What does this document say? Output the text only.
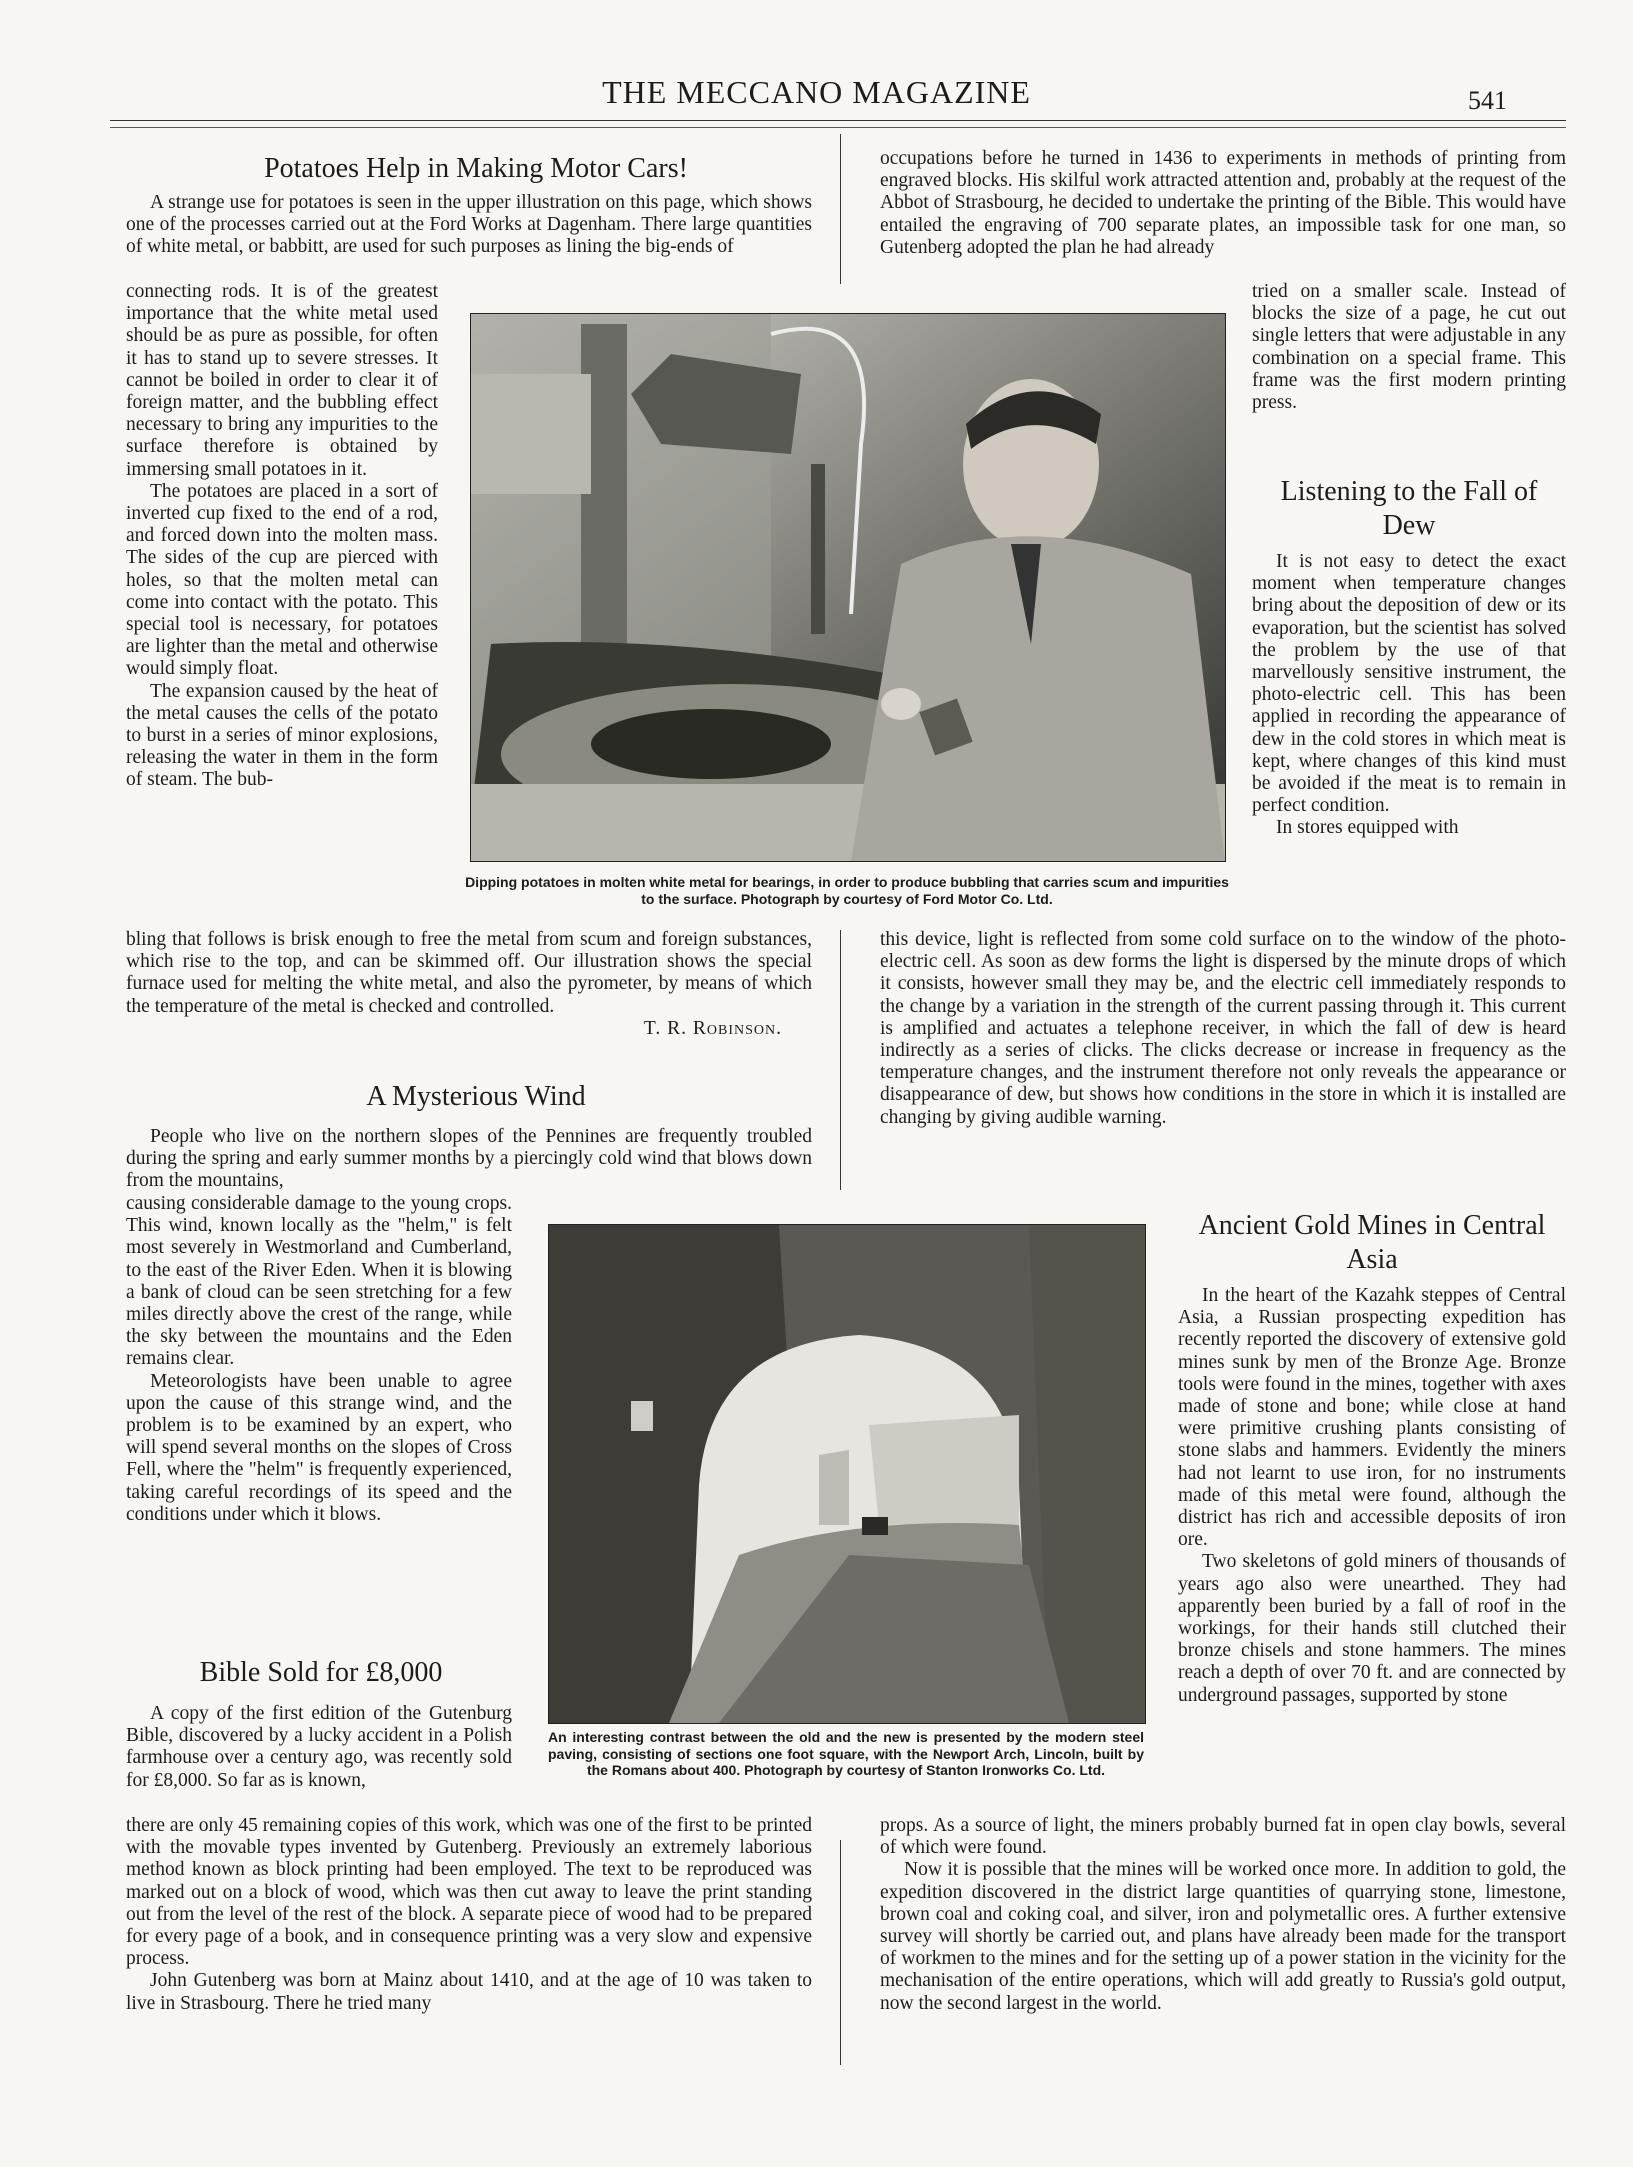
THE MECCANO MAGAZINE	541
Potatoes Help in Making Motor Cars!

A strange use for potatoes is seen in the upper illustration on this page, which shows one of the processes carried out at the Ford Works at Dagenham. There large quantities of white metal, or babbitt, are used for such purposes as lining the big-ends of

connecting rods. It is of the greatest importance that the white metal used should be as pure as possible, for often it has to stand up to severe stresses. It cannot be boiled in order to clear it of foreign matter, and the bubbling effect necessary to bring any impurities to the surface therefore is obtained by immersing small potatoes in it.

The potatoes are placed in a sort of inverted cup fixed to the end of a rod, and forced down into the molten mass. The sides of the cup are pierced with holes, so that the molten metal can come into contact with the potato. This special tool is necessary, for potatoes are lighter than the metal and otherwise would simply float.

The expansion caused by the heat of the metal causes the cells of the potato to burst in a series of minor explosions, releasing the water in them in the form of steam. The bub-

bling that follows is brisk enough to free the metal from scum and foreign substances, which rise to the top, and can be skimmed off. Our illustration shows the special furnace used for melting the white metal, and also the pyrometer, by means of which the temperature of the metal is checked and controlled.

T. R. Robinson.
Dipping potatoes in molten white metal for bearings, in order to produce bubbling that carries scum and impurities to the surface. Photograph by courtesy of Ford Motor Co. Ltd.

occupations before he turned in 1436 to experiments in methods of printing from engraved blocks. His skilful work attracted attention and, probably at the request of the Abbot of Strasbourg, he decided to undertake the printing of the Bible. This would have entailed the engraving of 700 separate plates, an impossible task for one man, so Gutenberg adopted the plan he had already

tried on a smaller scale. Instead of blocks the size of a page, he cut out single letters that were adjustable in any combination on a special frame. This frame was the first modern printing press.

Listening to the Fall of Dew

It is not easy to detect the exact moment when temperature changes bring about the deposition of dew or its evaporation, but the scientist has solved the problem by the use of that marvellously sensitive instrument, the photo-electric cell. This has been applied in recording the appearance of dew in the cold stores in which meat is kept, where changes of this kind must be avoided if the meat is to remain in perfect condition.

In stores equipped with

this device, light is reflected from some cold surface on to the window of the photo-electric cell. As soon as dew forms the light is dispersed by the minute drops of which it consists, however small they may be, and the electric cell immediately responds to the change by a variation in the strength of the current passing through it. This current is amplified and actuates a telephone receiver, in which the fall of dew is heard indirectly as a series of clicks. The clicks decrease or increase in frequency as the temperature changes, and the instrument therefore not only reveals the appearance or disappearance of dew, but shows how conditions in the store in which it is installed are changing by giving audible warning.

A Mysterious Wind

People who live on the northern slopes of the Pennines are frequently troubled during the spring and early summer months by a piercingly cold wind that blows down from the mountains,

causing considerable damage to the young crops. This wind, known locally as the "helm," is felt most severely in Westmorland and Cumberland, to the east of the River Eden. When it is blowing a bank of cloud can be seen stretching for a few miles directly above the crest of the range, while the sky between the mountains and the Eden remains clear.

Meteorologists have been unable to agree upon the cause of this strange wind, and the problem is to be examined by an expert, who will spend several months on the slopes of Cross Fell, where the "helm" is frequently experienced, taking careful recordings of its speed and the conditions under which it blows.

Bible Sold for £8,000

A copy of the first edition of the Gutenburg Bible, discovered by a lucky accident in a Polish farmhouse over a century ago, was recently sold for £8,000. So far as is known,

there are only 45 remaining copies of this work, which was one of the first to be printed with the movable types invented by Gutenberg. Previously an extremely laborious method known as block printing had been employed. The text to be reproduced was marked out on a block of wood, which was then cut away to leave the print standing out from the level of the rest of the block. A separate piece of wood had to be prepared for every page of a book, and in consequence printing was a very slow and expensive process.

John Gutenberg was born at Mainz about 1410, and at the age of 10 was taken to live in Strasbourg. There he tried many

An interesting contrast between the old and the new is presented by the modern steel paving, consisting of sections one foot square, with the Newport Arch, Lincoln, built by the Romans about 400. Photograph by courtesy of Stanton Ironworks Co. Ltd.
Ancient Gold Mines in Central Asia

In the heart of the Kazahk steppes of Central Asia, a Russian prospecting expedition has recently reported the discovery of extensive gold mines sunk by men of the Bronze Age. Bronze tools were found in the mines, together with axes made of stone and bone; while close at hand were primitive crushing plants consisting of stone slabs and hammers. Evidently the miners had not learnt to use iron, for no instruments made of this metal were found, although the district has rich and accessible deposits of iron ore.

Two skeletons of gold miners of thousands of years ago also were unearthed. They had apparently been buried by a fall of roof in the workings, for their hands still clutched their bronze chisels and stone hammers. The mines reach a depth of over 70 ft. and are connected by underground passages, supported by stone

props. As a source of light, the miners probably burned fat in open clay bowls, several of which were found.

Now it is possible that the mines will be worked once more. In addition to gold, the expedition discovered in the district large quantities of quarrying stone, limestone, brown coal and coking coal, and silver, iron and polymetallic ores. A further extensive survey will shortly be carried out, and plans have already been made for the transport of workmen to the mines and for the setting up of a power station in the vicinity for the mechanisation of the entire operations, which will add greatly to Russia's gold output, now the second largest in the world.
